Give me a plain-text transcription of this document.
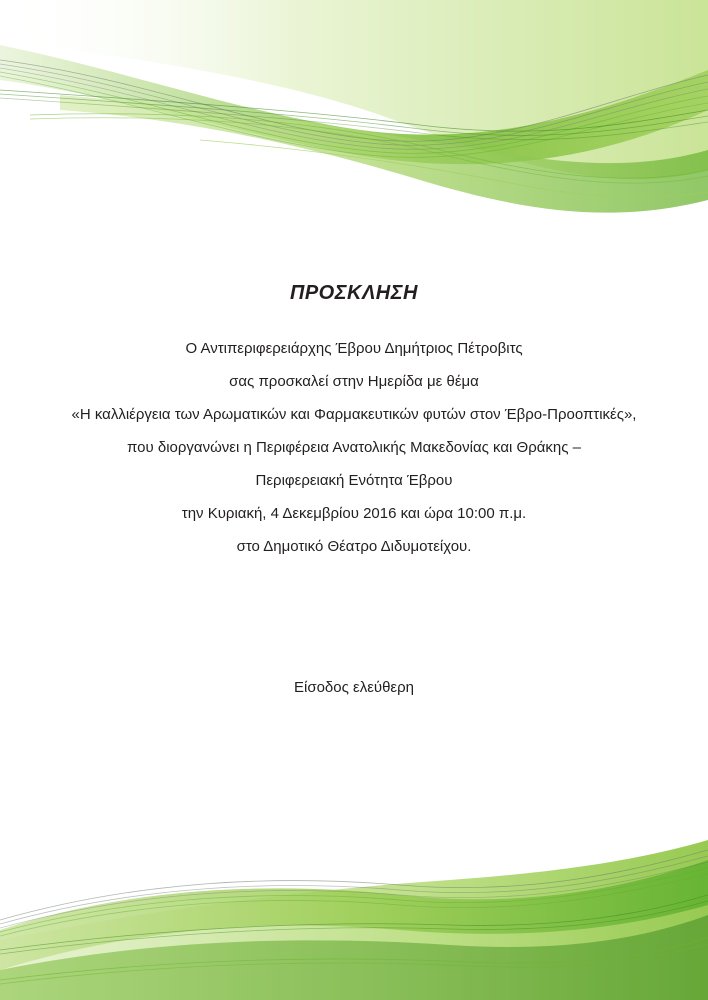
ΠΡΟΣΚΛΗΣΗ
Ο Αντιπεριφερειάρχης Έβρου Δημήτριος Πέτροβιτς
σας προσκαλεί στην Ημερίδα με θέμα
«Η καλλιέργεια των Αρωματικών και Φαρμακευτικών φυτών στον Έβρο-Προοπτικές»,
που διοργανώνει η Περιφέρεια Ανατολικής Μακεδονίας και Θράκης –
Περιφερειακή Ενότητα Έβρου
την Κυριακή, 4 Δεκεμβρίου 2016 και ώρα 10:00 π.μ.
στο Δημοτικό Θέατρο Διδυμοτείχου.

Είσοδος ελεύθερη
